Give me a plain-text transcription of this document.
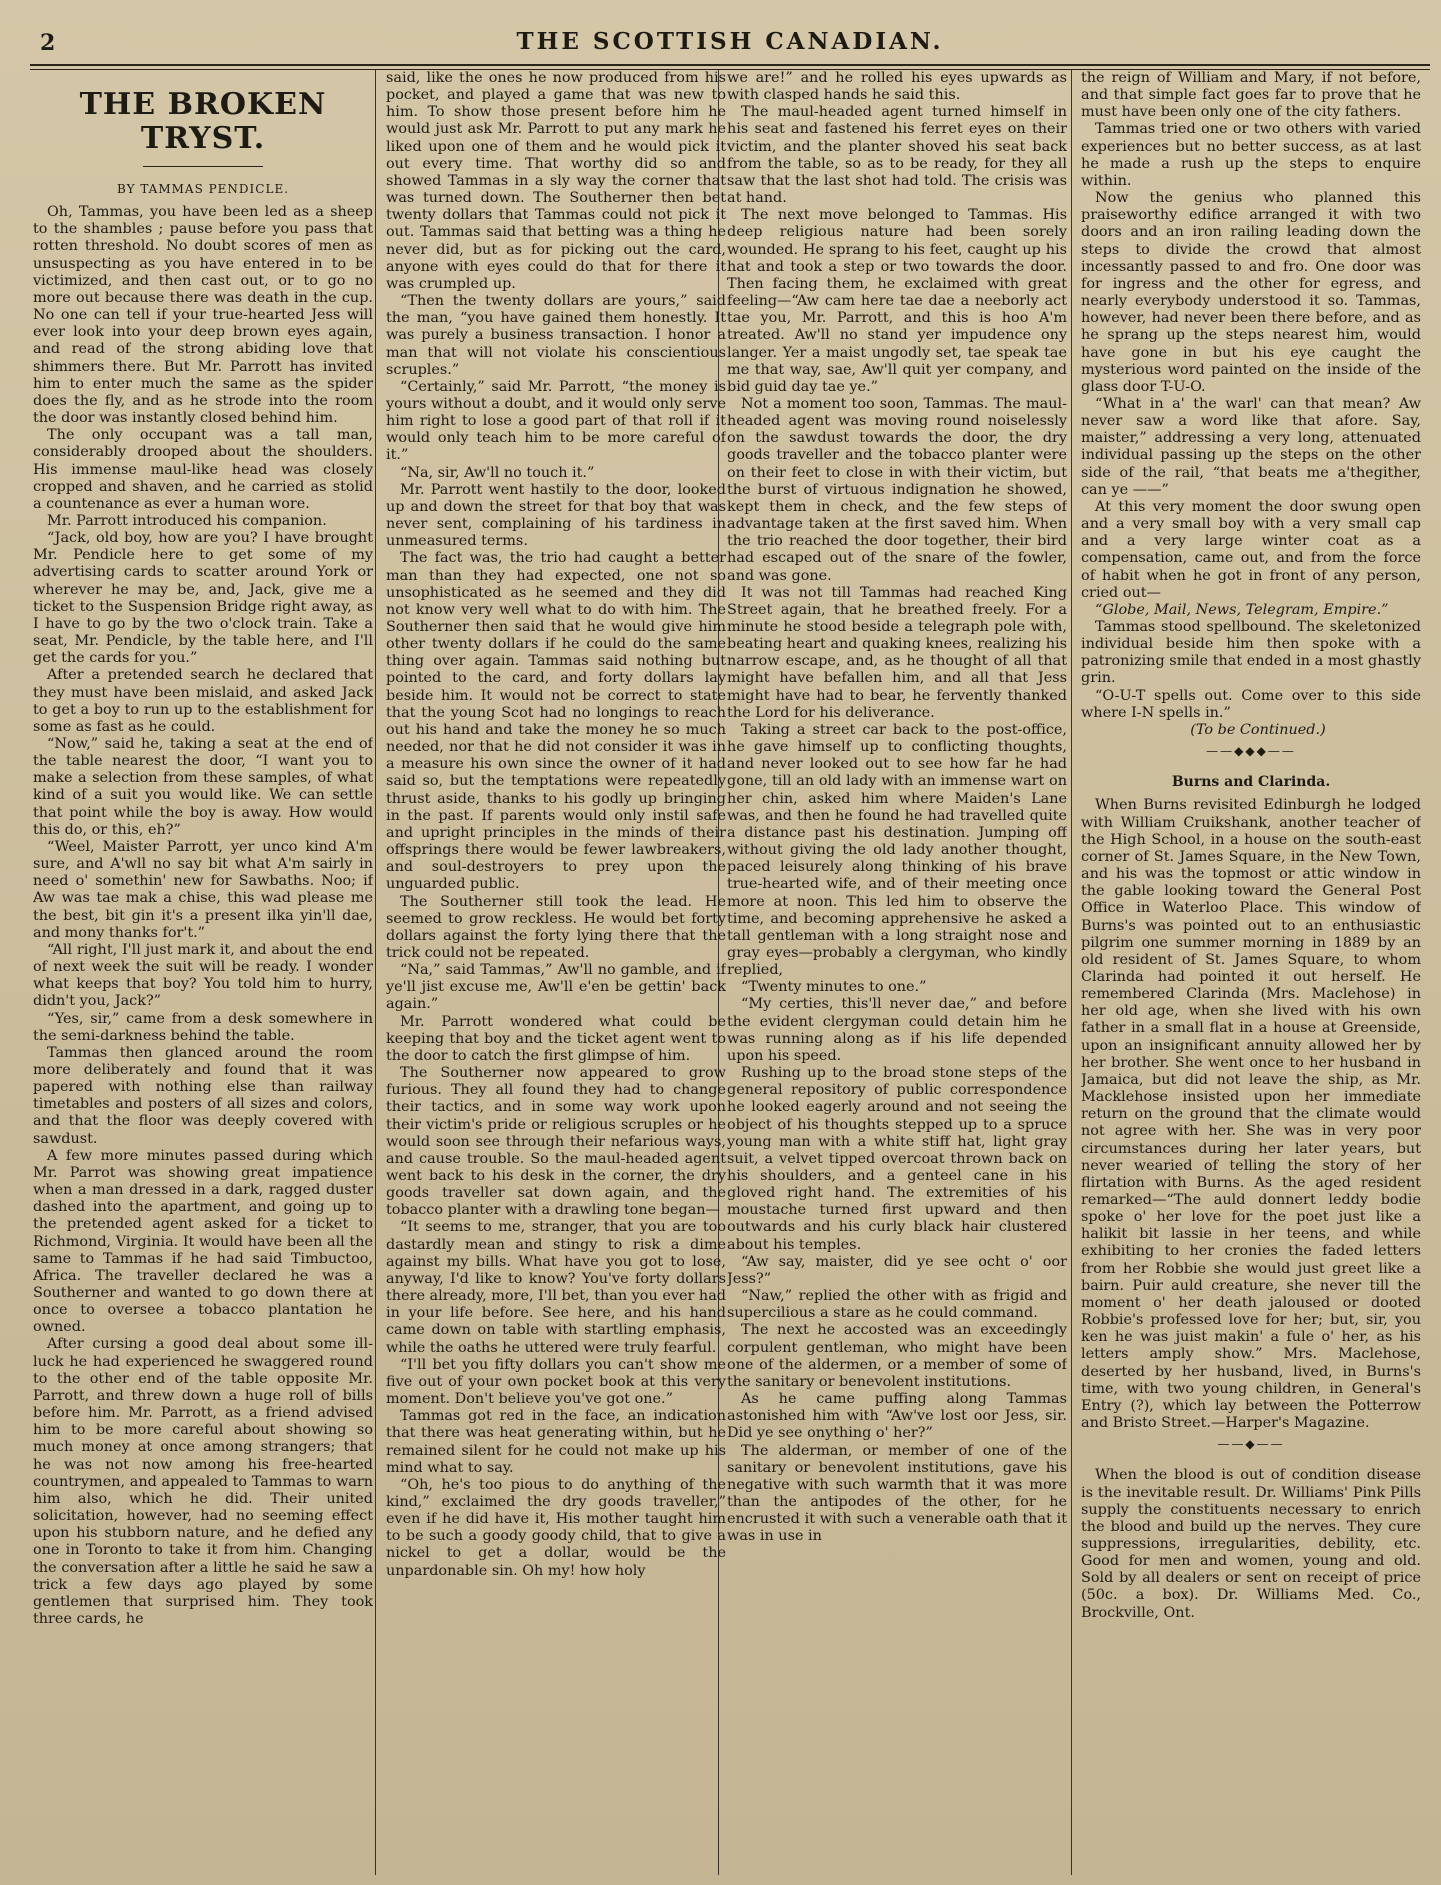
2	THE SCOTTISH CANADIAN.
THE BROKEN TRYST.
BY TAMMAS PENDICLE.

Oh, Tammas, you have been led as a sheep to the shambles ; pause before you pass that rotten threshold. No doubt scores of men as unsuspecting as you have entered in to be victimized, and then cast out, or to go no more out because there was death in the cup. No one can tell if your true-hearted Jess will ever look into your deep brown eyes again, and read of the strong abiding love that shimmers there. But Mr. Parrott has invited him to enter much the same as the spider does the fly, and as he strode into the room the door was instantly closed behind him.

The only occupant was a tall man, considerably drooped about the shoulders. His immense maul-like head was closely cropped and shaven, and he carried as stolid a countenance as ever a human wore.

Mr. Parrott introduced his companion.

“Jack, old boy, how are you? I have brought Mr. Pendicle here to get some of my advertising cards to scatter around York or wherever he may be, and, Jack, give me a ticket to the Suspension Bridge right away, as I have to go by the two o'clock train. Take a seat, Mr. Pendicle, by the table here, and I'll get the cards for you.”

After a pretended search he declared that they must have been mislaid, and asked Jack to get a boy to run up to the establishment for some as fast as he could.

“Now,” said he, taking a seat at the end of the table nearest the door, “I want you to make a selection from these samples, of what kind of a suit you would like. We can settle that point while the boy is away. How would this do, or this, eh?”

“Weel, Maister Parrott, yer unco kind A'm sure, and A'wll no say bit what A'm sairly in need o' somethin' new for Sawbaths. Noo; if Aw was tae mak a chise, this wad please me the best, bit gin it's a present ilka yin'll dae, and mony thanks for't.”

“All right, I'll just mark it, and about the end of next week the suit will be ready. I wonder what keeps that boy? You told him to hurry, didn't you, Jack?”

“Yes, sir,” came from a desk somewhere in the semi-darkness behind the table.

Tammas then glanced around the room more deliberately and found that it was papered with nothing else than railway timetables and posters of all sizes and colors, and that the floor was deeply covered with sawdust.

A few more minutes passed during which Mr. Parrot was showing great impatience when a man dressed in a dark, ragged duster dashed into the apartment, and going up to the pretended agent asked for a ticket to Richmond, Virginia. It would have been all the same to Tammas if he had said Timbuctoo, Africa. The traveller declared he was a Southerner and wanted to go down there at once to oversee a tobacco plantation he owned.

After cursing a good deal about some ill-luck he had experienced he swaggered round to the other end of the table opposite Mr. Parrott, and threw down a huge roll of bills before him. Mr. Parrott, as a friend advised him to be more careful about showing so much money at once among strangers; that he was not now among his free-hearted countrymen, and appealed to Tammas to warn him also, which he did. Their united solicitation, however, had no seeming effect upon his stubborn nature, and he defied any one in Toronto to take it from him. Changing the conversation after a little he said he saw a trick a few days ago played by some gentlemen that surprised him. They took three cards, he

said, like the ones he now produced from his pocket, and played a game that was new to him. To show those present before him he would just ask Mr. Parrott to put any mark he liked upon one of them and he would pick it out every time. That worthy did so and showed Tammas in a sly way the corner that was turned down. The Southerner then bet twenty dollars that Tammas could not pick it out. Tammas said that betting was a thing he never did, but as for picking out the card, anyone with eyes could do that for there it was crumpled up.

“Then the twenty dollars are yours,” said the man, “you have gained them honestly. It was purely a business transaction. I honor a man that will not violate his conscientious scruples.”

“Certainly,” said Mr. Parrott, “the money is yours without a doubt, and it would only serve him right to lose a good part of that roll if it would only teach him to be more careful of it.”

“Na, sir, Aw'll no touch it.”

Mr. Parrott went hastily to the door, looked up and down the street for that boy that was never sent, complaining of his tardiness in unmeasured terms.

The fact was, the trio had caught a better man than they had expected, one not so unsophisticated as he seemed and they did not know very well what to do with him. The Southerner then said that he would give him other twenty dollars if he could do the same thing over again. Tammas said nothing but pointed to the card, and forty dollars lay beside him. It would not be correct to state that the young Scot had no longings to reach out his hand and take the money he so much needed, nor that he did not consider it was in a measure his own since the owner of it had said so, but the temptations were repeatedly thrust aside, thanks to his godly up bringing in the past. If parents would only instil safe and upright principles in the minds of their offsprings there would be fewer lawbreakers, and soul-destroyers to prey upon the unguarded public.

The Southerner still took the lead. He seemed to grow reckless. He would bet forty dollars against the forty lying there that the trick could not be repeated.

“Na,” said Tammas,” Aw'll no gamble, and if ye'll jist excuse me, Aw'll e'en be gettin' back again.”

Mr. Parrott wondered what could be keeping that boy and the ticket agent went to the door to catch the first glimpse of him.

The Southerner now appeared to grow furious. They all found they had to change their tactics, and in some way work upon their victim's pride or religious scruples or he would soon see through their nefarious ways, and cause trouble. So the maul-headed agent went back to his desk in the corner, the dry goods traveller sat down again, and the tobacco planter with a drawling tone began—

“It seems to me, stranger, that you are too dastardly mean and stingy to risk a dime against my bills. What have you got to lose, anyway, I'd like to know? You've forty dollars there already, more, I'll bet, than you ever had in your life before. See here, and his hand came down on table with startling emphasis, while the oaths he uttered were truly fearful.

“I'll bet you fifty dollars you can't show me five out of your own pocket book at this very moment. Don't believe you've got one.”

Tammas got red in the face, an indication that there was heat generating within, but he remained silent for he could not make up his mind what to say.

“Oh, he's too pious to do anything of the kind,” exclaimed the dry goods traveller,” even if he did have it, His mother taught him to be such a goody goody child, that to give a nickel to get a dollar, would be the unpardonable sin. Oh my! how holy

we are!” and he rolled his eyes upwards as with clasped hands he said this.

The maul-headed agent turned himself in his seat and fastened his ferret eyes on their victim, and the planter shoved his seat back from the table, so as to be ready, for they all saw that the last shot had told. The crisis was at hand.

The next move belonged to Tammas. His deep religious nature had been sorely wounded. He sprang to his feet, caught up his hat and took a step or two towards the door. Then facing them, he exclaimed with great feeling—“Aw cam here tae dae a neeborly act tae you, Mr. Parrott, and this is hoo A'm treated. Aw'll no stand yer impudence ony langer. Yer a maist ungodly set, tae speak tae me that way, sae, Aw'll quit yer company, and bid guid day tae ye.”

Not a moment too soon, Tammas. The maul-headed agent was moving round noiselessly on the sawdust towards the door, the dry goods traveller and the tobacco planter were on their feet to close in with their victim, but the burst of virtuous indignation he showed, kept them in check, and the few steps of advantage taken at the first saved him. When the trio reached the door together, their bird had escaped out of the snare of the fowler, and was gone.

It was not till Tammas had reached King Street again, that he breathed freely. For a minute he stood beside a telegraph pole with, beating heart and quaking knees, realizing his narrow escape, and, as he thought of all that might have befallen him, and all that Jess might have had to bear, he fervently thanked the Lord for his deliverance.

Taking a street car back to the post-office, he gave himself up to conflicting thoughts, and never looked out to see how far he had gone, till an old lady with an immense wart on her chin, asked him where Maiden's Lane was, and then he found he had travelled quite a distance past his destination. Jumping off without giving the old lady another thought, paced leisurely along thinking of his brave true-hearted wife, and of their meeting once more at noon. This led him to observe the time, and becoming apprehensive he asked a tall gentleman with a long straight nose and gray eyes—probably a clergyman, who kindly replied,

“Twenty minutes to one.”

“My certies, this'll never dae,” and before the evident clergyman could detain him he was running along as if his life depended upon his speed.

Rushing up to the broad stone steps of the general repository of public correspondence he looked eagerly around and not seeing the object of his thoughts stepped up to a spruce young man with a white stiff hat, light gray suit, a velvet tipped overcoat thrown back on his shoulders, and a genteel cane in his gloved right hand. The extremities of his moustache turned first upward and then outwards and his curly black hair clustered about his temples.

“Aw say, maister, did ye see ocht o' oor Jess?”

“Naw,” replied the other with as frigid and supercilious a stare as he could command.

The next he accosted was an exceedingly corpulent gentleman, who might have been one of the aldermen, or a member of some of the sanitary or benevolent institutions.

As he came puffing along Tammas astonished him with “Aw've lost oor Jess, sir. Did ye see onything o' her?”

The alderman, or member of one of the sanitary or benevolent institutions, gave his negative with such warmth that it was more than the antipodes of the other, for he encrusted it with such a venerable oath that it was in use in

the reign of William and Mary, if not before, and that simple fact goes far to prove that he must have been only one of the city fathers.

Tammas tried one or two others with varied experiences but no better success, as at last he made a rush up the steps to enquire within.

Now the genius who planned this praiseworthy edifice arranged it with two doors and an iron railing leading down the steps to divide the crowd that almost incessantly passed to and fro. One door was for ingress and the other for egress, and nearly everybody understood it so. Tammas, however, had never been there before, and as he sprang up the steps nearest him, would have gone in but his eye caught the mysterious word painted on the inside of the glass door T-U-O.

“What in a' the warl' can that mean? Aw never saw a word like that afore. Say, maister,” addressing a very long, attenuated individual passing up the steps on the other side of the rail, “that beats me a'thegither, can ye ——”

At this very moment the door swung open and a very small boy with a very small cap and a very large winter coat as a compensation, came out, and from the force of habit when he got in front of any person, cried out—

“Globe, Mail, News, Telegram, Empire.”

Tammas stood spellbound. The skeletonized individual beside him then spoke with a patronizing smile that ended in a most ghastly grin.

“O-U-T spells out. Come over to this side where I-N spells in.”

(To be Continued.)

——◆◆◆——
Burns and Clarinda.

When Burns revisited Edinburgh he lodged with William Cruikshank, another teacher of the High School, in a house on the south-east corner of St. James Square, in the New Town, and his was the topmost or attic window in the gable looking toward the General Post Office in Waterloo Place. This window of Burns's was pointed out to an enthusiastic pilgrim one summer morning in 1889 by an old resident of St. James Square, to whom Clarinda had pointed it out herself. He remembered Clarinda (Mrs. Maclehose) in her old age, when she lived with his own father in a small flat in a house at Greenside, upon an insignificant annuity allowed her by her brother. She went once to her husband in Jamaica, but did not leave the ship, as Mr. Macklehose insisted upon her immediate return on the ground that the climate would not agree with her. She was in very poor circumstances during her later years, but never wearied of telling the story of her flirtation with Burns. As the aged resident remarked—“The auld donnert leddy bodie spoke o' her love for the poet just like a halikit bit lassie in her teens, and while exhibiting to her cronies the faded letters from her Robbie she would just greet like a bairn. Puir auld creature, she never till the moment o' her death jaloused or dooted Robbie's professed love for her; but, sir, you ken he was juist makin' a fule o' her, as his letters amply show.” Mrs. Maclehose, deserted by her husband, lived, in Burns's time, with two young children, in General's Entry (?), which lay between the Potterrow and Bristo Street.—Harper's Magazine.

——◆——

When the blood is out of condition disease is the inevitable result. Dr. Williams' Pink Pills supply the constituents necessary to enrich the blood and build up the nerves. They cure suppressions, irregularities, debility, etc. Good for men and women, young and old. Sold by all dealers or sent on receipt of price (50c. a box). Dr. Williams Med. Co., Brockville, Ont.
